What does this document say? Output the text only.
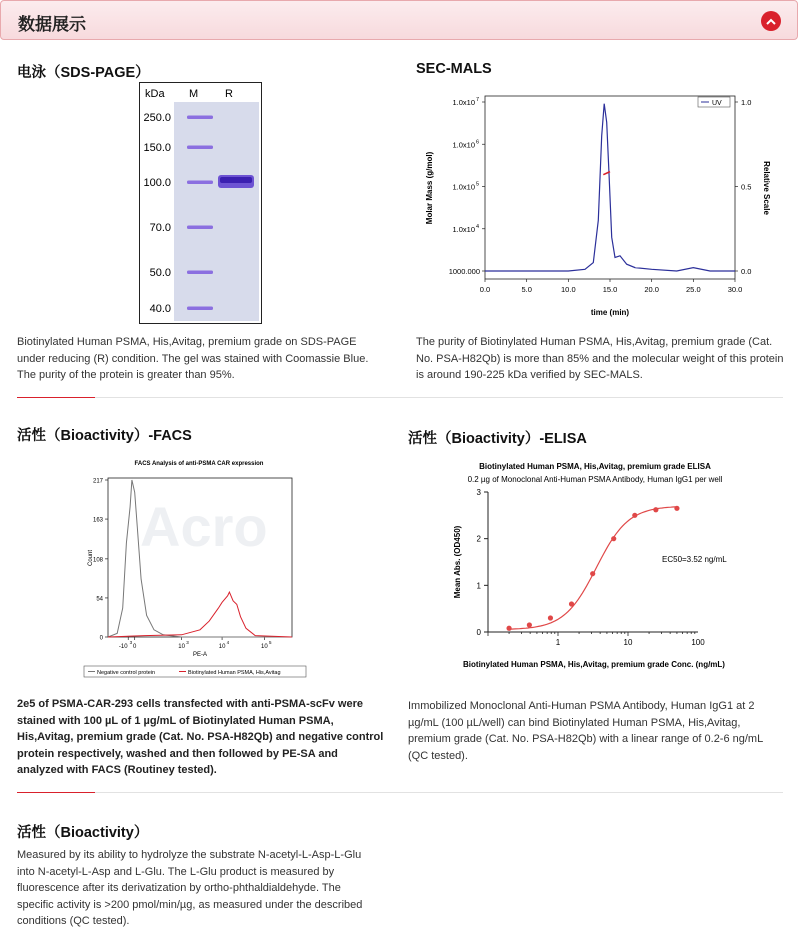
数据展示
电泳（SDS-PAGE）
kDa M R
250.0
150.0
100.0
70.0
50.0
40.0
Biotinylated Human PSMA, His,Avitag, premium grade on SDS-PAGE under reducing (R) condition. The gel was stained with Coomassie Blue. The purity of the protein is greater than 95%.
SEC-MALS
1000.000
1.0x10 4
1.0x10 5
1.0x10 6
1.0x10 7
0.0
0.5
1.0
0.0	5.0	10.0	15.0	20.0	25.0	30.0
UV
Molar Mass (g/mol)	Relative Scale
time (min)
The purity of Biotinylated Human PSMA, His,Avitag, premium grade (Cat. No. PSA-H82Qb) is more than 85% and the molecular weight of this protein is around 190-225 kDa verified by SEC-MALS.
活性（Bioactivity）-FACS
FACS Analysis of anti-PSMA CAR expression
Acro
0
54
108
163
217
-10
3
0	10
3
10
4
10
5
Count
PE-A
Negative control protein	Biotinylated Human PSMA, His,Avitag
2e5 of PSMA-CAR-293 cells transfected with anti-PSMA-scFv were stained with 100 µL of 1 µg/mL of Biotinylated Human PSMA, His,Avitag, premium grade (Cat. No. PSA-H82Qb) and negative control protein respectively, washed and then followed by PE-SA and analyzed with FACS (Routiney tested).
活性（Bioactivity）-ELISA
Biotinylated Human PSMA, His,Avitag, premium grade ELISA
0.2 µg of Monoclonal Anti-Human PSMA Antibody, Human IgG1 per well
0
1
2
3
1	10	100
EC50=3.52 ng/mL
Mean Abs. (OD450)
Biotinylated Human PSMA, His,Avitag, premium grade Conc. (ng/mL)
Immobilized Monoclonal Anti-Human PSMA Antibody, Human IgG1 at 2 µg/mL (100 µL/well) can bind Biotinylated Human PSMA, His,Avitag, premium grade (Cat. No. PSA-H82Qb) with a linear range of 0.2-6 ng/mL (QC tested).
活性（Bioactivity）
Measured by its ability to hydrolyze the substrate N-acetyl-L-Asp-L-Glu into N-acetyl-L-Asp and L-Glu. The L-Glu product is measured by fluorescence after its derivatization by ortho-phthaldialdehyde. The specific activity is >200 pmol/min/µg, as measured under the described conditions (QC tested).
